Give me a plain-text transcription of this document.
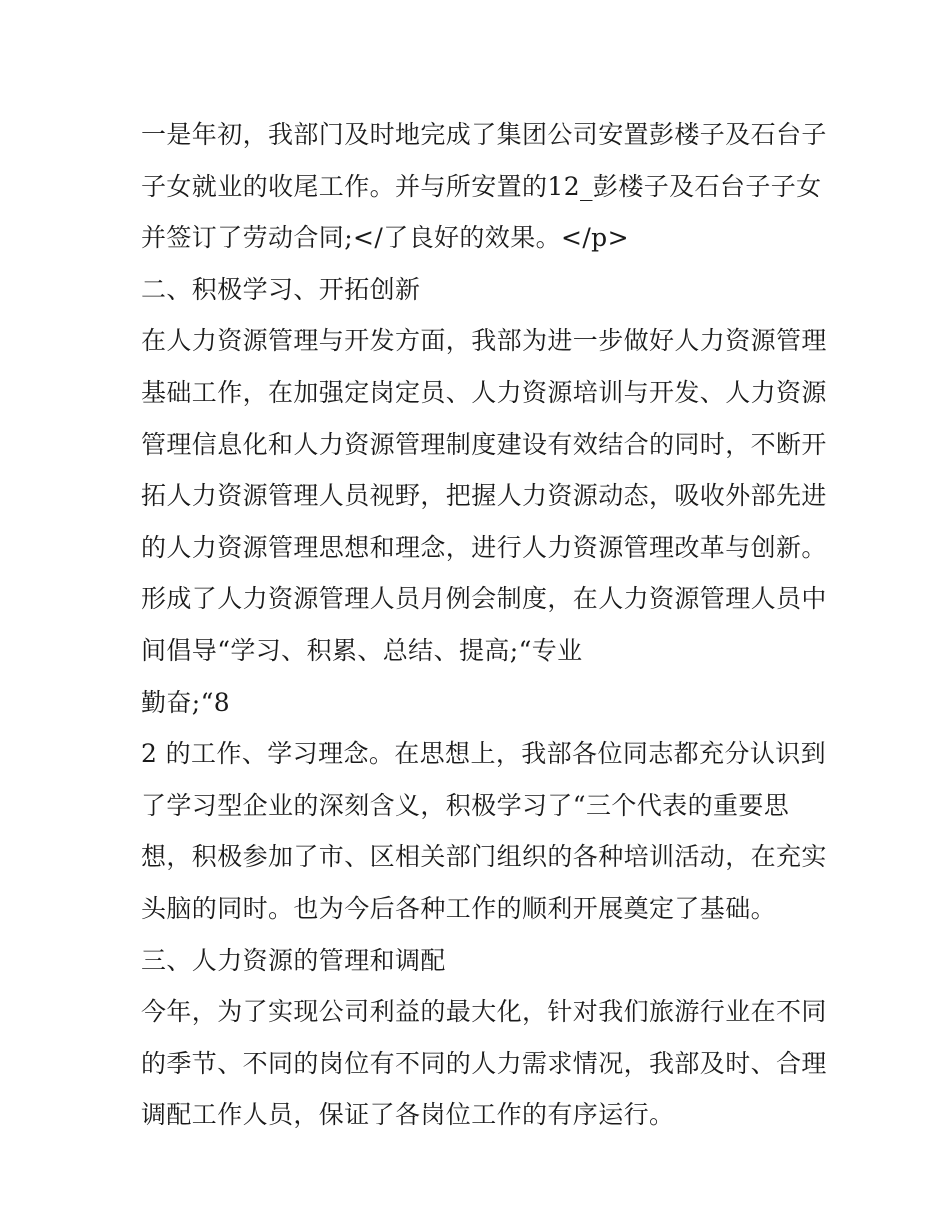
一是年初，我部门及时地完成了集团公司安置彭楼子及石台子
子女就业的收尾工作。并与所安置的12_彭楼子及石台子子女
并签订了劳动合同;</了良好的效果。</p>
二、积极学习、开拓创新
在人力资源管理与开发方面，我部为进一步做好人力资源管理
基础工作，在加强定岗定员、人力资源培训与开发、人力资源
管理信息化和人力资源管理制度建设有效结合的同时，不断开
拓人力资源管理人员视野，把握人力资源动态，吸收外部先进
的人力资源管理思想和理念，进行人力资源管理改革与创新。
形成了人力资源管理人员月例会制度，在人力资源管理人员中
间倡导“学习、积累、总结、提高;“专业
勤奋;“8
2 的工作、学习理念。在思想上，我部各位同志都充分认识到
了学习型企业的深刻含义，积极学习了“三个代表的重要思
想，积极参加了市、区相关部门组织的各种培训活动，在充实
头脑的同时。也为今后各种工作的顺利开展奠定了基础。
三、人力资源的管理和调配
今年，为了实现公司利益的最大化，针对我们旅游行业在不同
的季节、不同的岗位有不同的人力需求情况，我部及时、合理
调配工作人员，保证了各岗位工作的有序运行。
